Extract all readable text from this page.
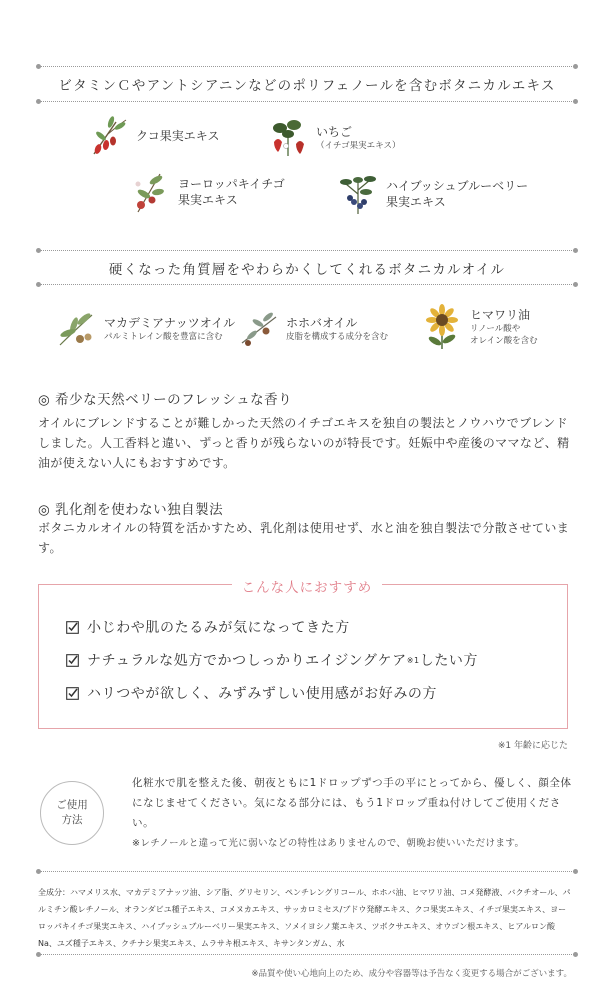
ビタミンＣやアントシアニンなどのポリフェノールを含むボタニカルエキス
クコ果実エキス	いちご
（イチゴ果実エキス）
ヨーロッパキイチゴ
果実エキス
ハイブッシュブルーベリー
果実エキス
硬くなった角質層をやわらかくしてくれるボタニカルオイル
マカデミアナッツオイル
パルミトレイン酸を豊富に含む
ホホバオイル
皮脂を構成する成分を含む
ヒマワリ油
リノール酸や
オレイン酸を含む
◎ 希少な天然ベリーのフレッシュな香り
オイルにブレンドすることが難しかった天然のイチゴエキスを独自の製法とノウハウでブレンドしました。人工香料と違い、ずっと香りが残らないのが特長です。妊娠中や産後のママなど、精油が使えない人にもおすすめです。
◎ 乳化剤を使わない独自製法
ボタニカルオイルの特質を活かすため、乳化剤は使用せず、水と油を独自製法で分散させています。
こんな人におすすめ
小じわや肌のたるみが気になってきた方
ナチュラルな処方でかつしっかりエイジングケア ※1 したい方
ハリつやが欲しく、みずみずしい使用感がお好みの方
※1 年齢に応じた
ご使用
方法
化粧水で肌を整えた後、朝夜ともに1ドロップずつ手の平にとってから、優しく、顔全体になじませてください。気になる部分には、もう1ドロップ重ね付けしてご使用ください。
※レチノールと違って光に弱いなどの特性はありませんので、朝晩お使いいただけます。
全成分：ハマメリス水、マカデミアナッツ油、シア脂、グリセリン、ペンチレングリコール、ホホバ油、ヒマワリ油、コメ発酵液、バクチオール、パルミチン酸レチノール、オランダビユ種子エキス、コメヌカエキス、サッカロミセス/ブドウ発酵エキス、クコ果実エキス、イチゴ果実エキス、ヨーロッパキイチゴ果実エキス、ハイブッシュブルーベリー果実エキス、ソメイヨシノ葉エキス、ツボクサエキス、オウゴン根エキス、ヒアルロン酸Na、ユズ種子エキス、クチナシ果実エキス、ムラサキ根エキス、キサンタンガム、水
※品質や使い心地向上のため、成分や容器等は予告なく変更する場合がございます。
